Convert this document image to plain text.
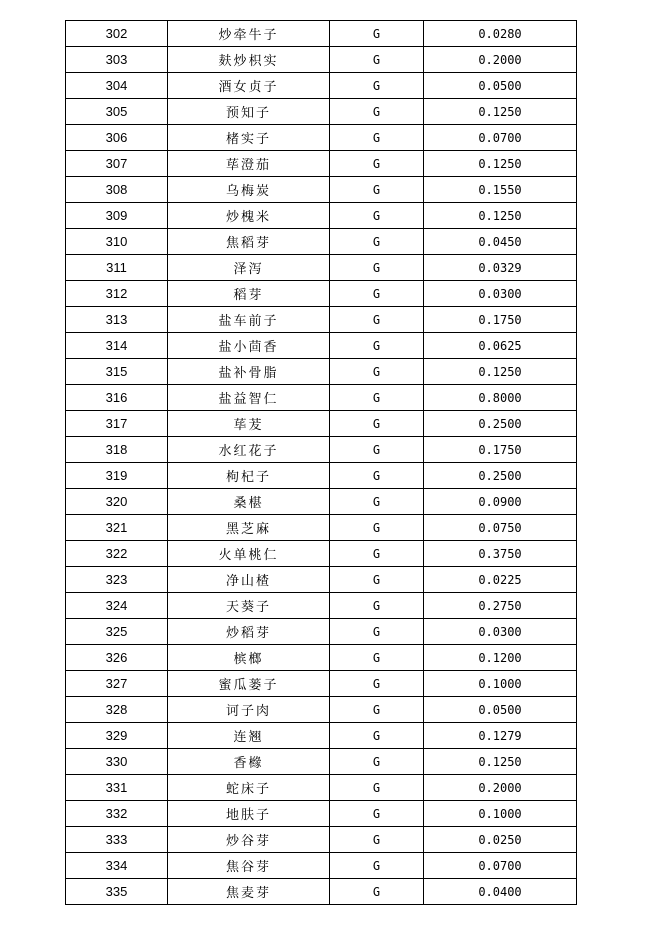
302	炒牵牛子	G	0.0280
303	麸炒枳实	G	0.2000
304	酒女贞子	G	0.0500
305	预知子	G	0.1250
306	楮实子	G	0.0700
307	荜澄茄	G	0.1250
308	乌梅炭	G	0.1550
309	炒槐米	G	0.1250
310	焦稻芽	G	0.0450
311	泽泻	G	0.0329
312	稻芽	G	0.0300
313	盐车前子	G	0.1750
314	盐小茴香	G	0.0625
315	盐补骨脂	G	0.1250
316	盐益智仁	G	0.8000
317	荜茇	G	0.2500
318	水红花子	G	0.1750
319	枸杞子	G	0.2500
320	桑椹	G	0.0900
321	黑芝麻	G	0.0750
322	火单桃仁	G	0.3750
323	净山楂	G	0.0225
324	天葵子	G	0.2750
325	炒稻芽	G	0.0300
326	槟榔	G	0.1200
327	蜜瓜蒌子	G	0.1000
328	诃子肉	G	0.0500
329	连翘	G	0.1279
330	香橼	G	0.1250
331	蛇床子	G	0.2000
332	地肤子	G	0.1000
333	炒谷芽	G	0.0250
334	焦谷芽	G	0.0700
335	焦麦芽	G	0.0400
